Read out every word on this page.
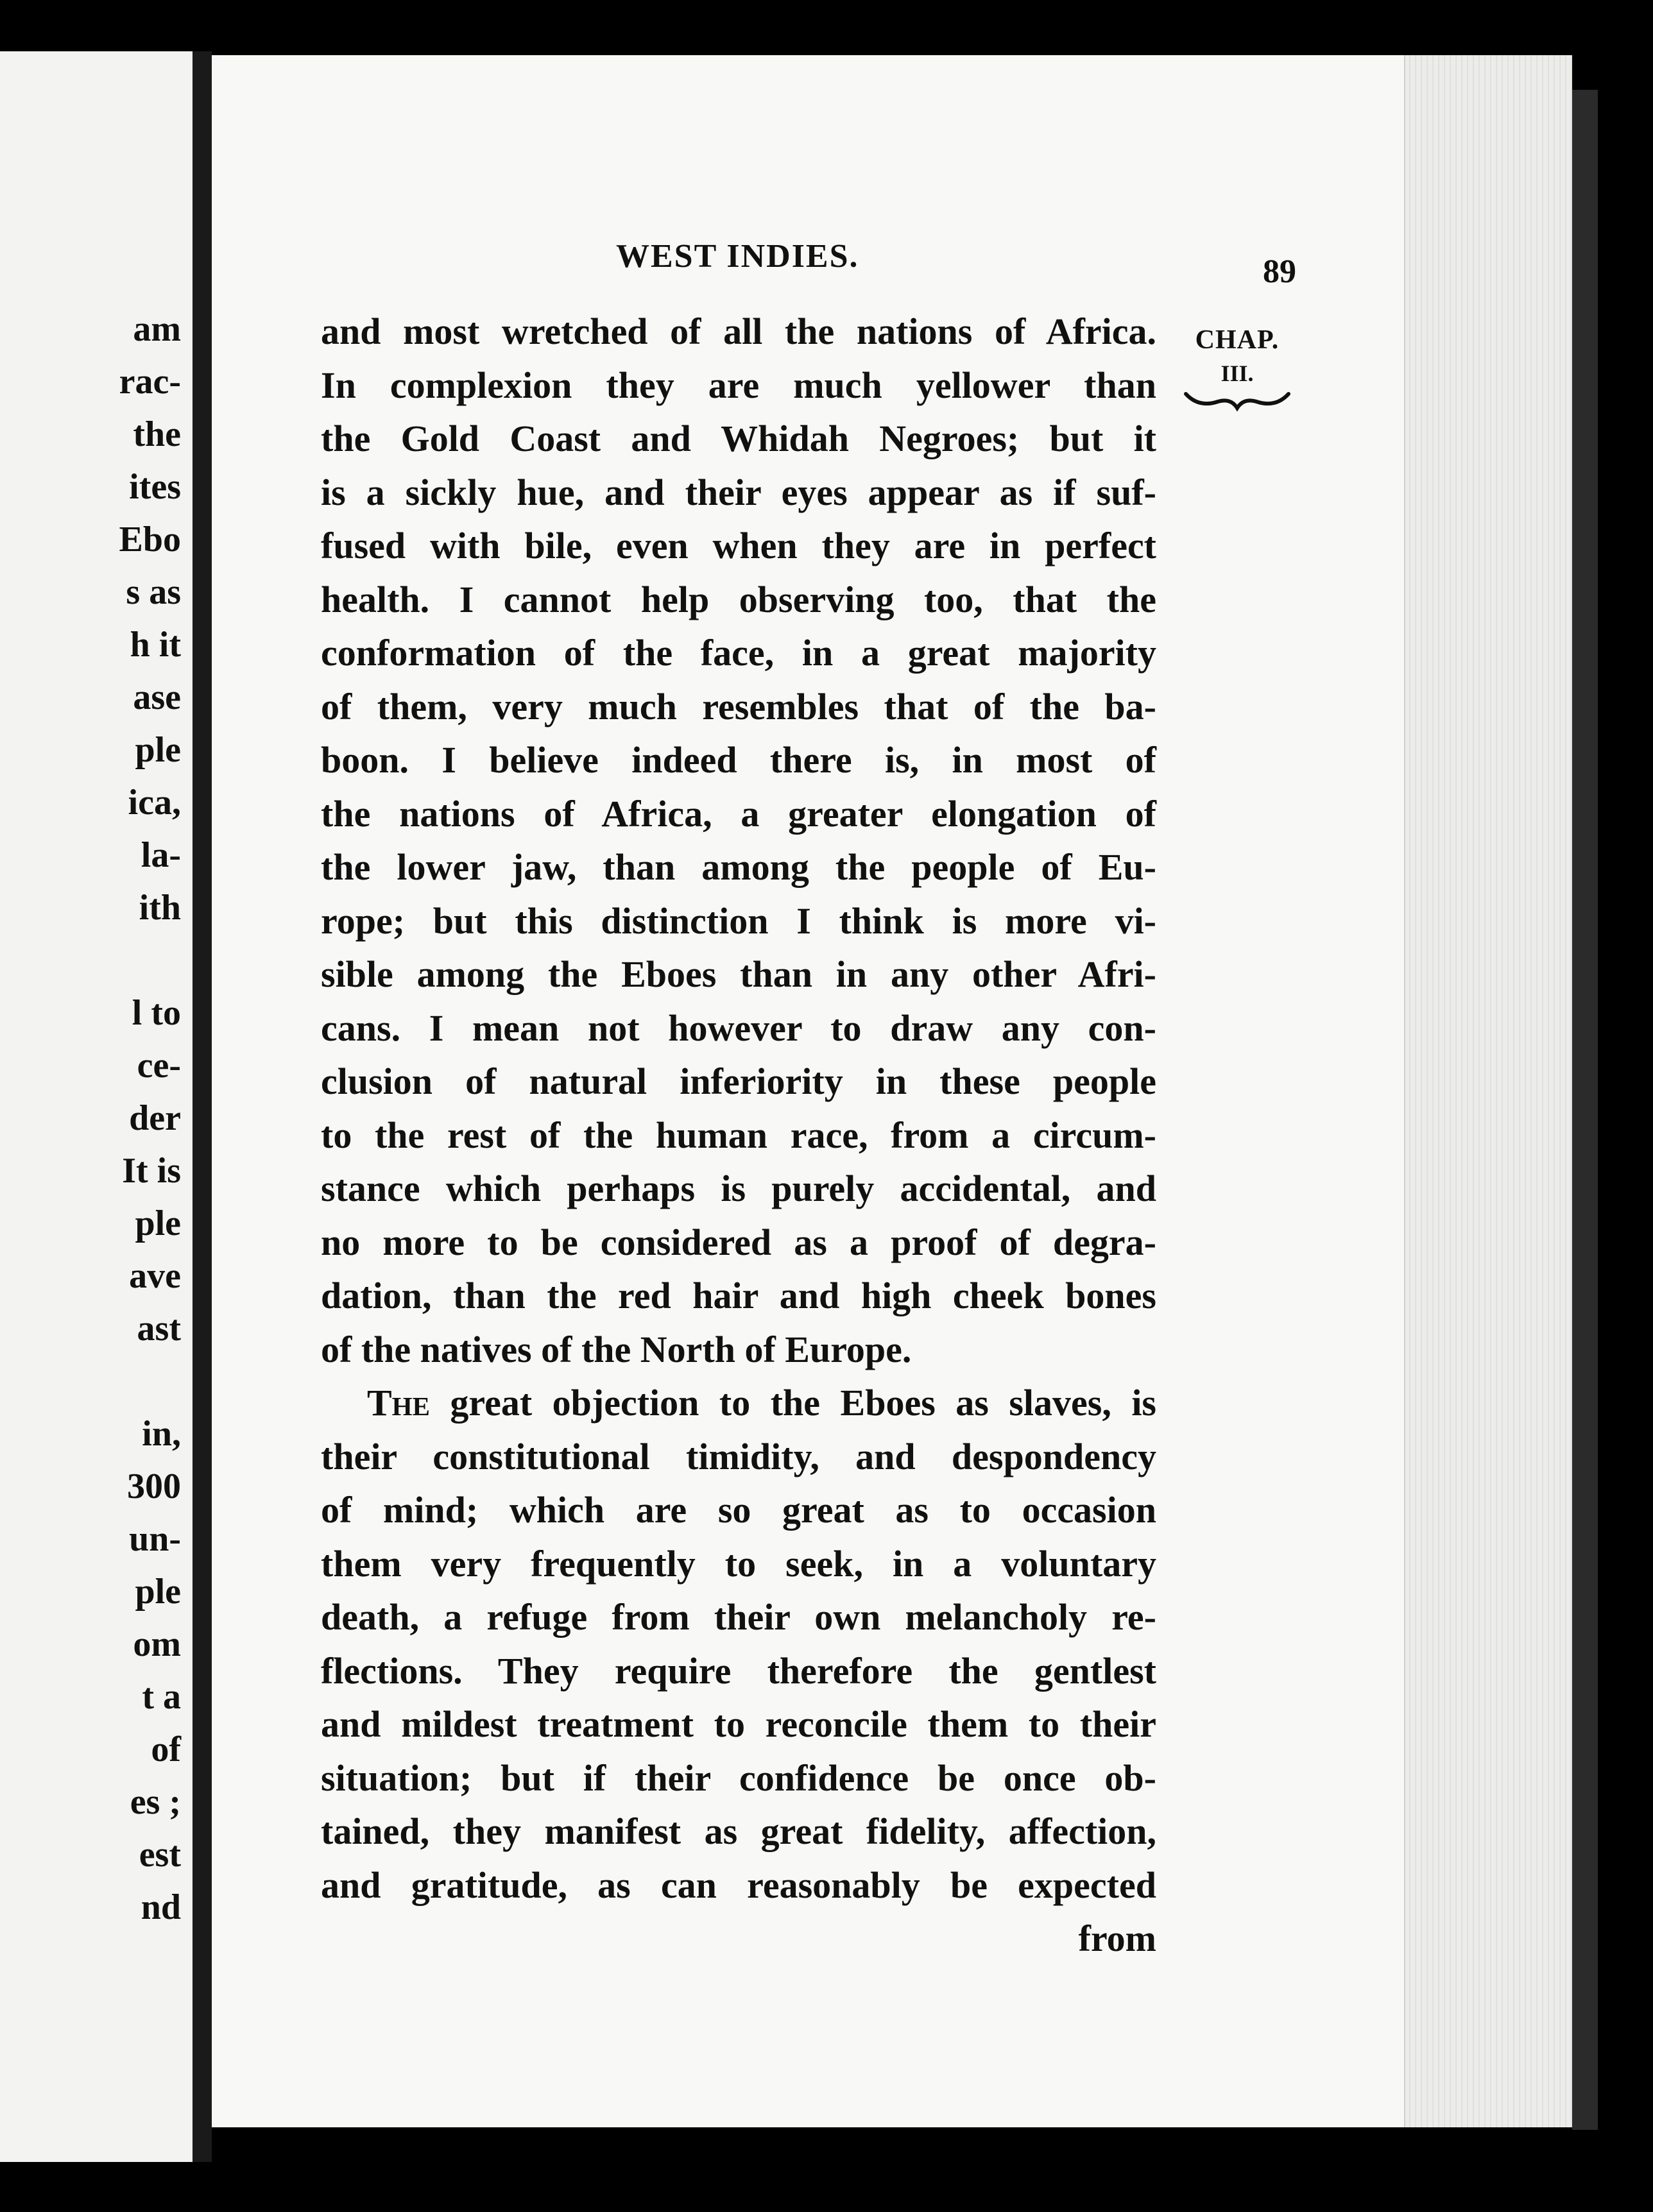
am
rac-
the
ites
Ebo
s as
h it
ase
ple
ica,
la-
ith
l to
ce-
der
It is
ple
ave
ast
in,
300
un-
ple
om
t a
of
es ;
est
nd
WEST INDIES.	89
CHAP.
III.
and most wretched of all the nations of Africa.
In complexion they are much yellower than
the Gold Coast and Whidah Negroes; but it
is a sickly hue, and their eyes appear as if suf-
fused with bile, even when they are in perfect
health. I cannot help observing too, that the
conformation of the face, in a great majority
of them, very much resembles that of the ba-
boon. I believe indeed there is, in most of
the nations of Africa, a greater elongation of
the lower jaw, than among the people of Eu-
rope; but this distinction I think is more vi-
sible among the Eboes than in any other Afri-
cans. I mean not however to draw any con-
clusion of natural inferiority in these people
to the rest of the human race, from a circum-
stance which perhaps is purely accidental, and
no more to be considered as a proof of degra-
dation, than the red hair and high cheek bones
of the natives of the North of Europe.
The great objection to the Eboes as slaves, is
their constitutional timidity, and despondency
of mind; which are so great as to occasion
them very frequently to seek, in a voluntary
death, a refuge from their own melancholy re-
flections. They require therefore the gentlest
and mildest treatment to reconcile them to their
situation; but if their confidence be once ob-
tained, they manifest as great fidelity, affection,
and gratitude, as can reasonably be expected
from
